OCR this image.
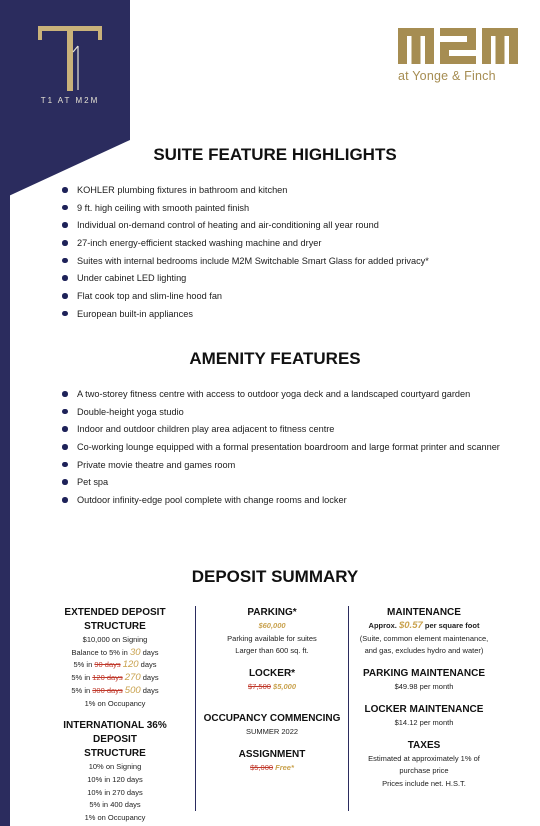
T1 AT M2M
at Yonge & Finch
SUITE FEATURE HIGHLIGHTS
KOHLER plumbing fixtures in bathroom and kitchen
9 ft. high ceiling with smooth painted finish
Individual on-demand control of heating and air-conditioning all year round
27-inch energy-efficient stacked washing machine and dryer
Suites with internal bedrooms include M2M Switchable Smart Glass for added privacy*
Under cabinet LED lighting
Flat cook top and slim-line hood fan
European built-in appliances
AMENITY FEATURES
A two-storey fitness centre with access to outdoor yoga deck and a landscaped courtyard garden
Double-height yoga studio
Indoor and outdoor children play area adjacent to fitness centre
Co-working lounge equipped with a formal presentation boardroom and large format printer and scanner
Private movie theatre and games room
Pet spa
Outdoor infinity-edge pool complete with change rooms and locker
DEPOSIT SUMMARY
EXTENDED DEPOSIT
STRUCTURE
$10,000 on Signing
Balance to 5% in 30 days
5% in 90 days 120 days
5% in 120 days 270 days
5% in 300 days 500 days
1% on Occupancy
INTERNATIONAL 36% DEPOSIT
STRUCTURE
10% on Signing
10% in 120 days
10% in 270 days
5% in 400 days
1% on Occupancy
PARKING*
$60,000
Parking available for suites
Larger than 600 sq. ft.
LOCKER*
$7,500 $5,000
OCCUPANCY COMMENCING
SUMMER 2022
ASSIGNMENT
$5,000 Free*
MAINTENANCE
Approx. $0.57 per square foot
(Suite, common element maintenance,
and gas, excludes hydro and water)
PARKING MAINTENANCE
$49.98 per month
LOCKER MAINTENANCE
$14.12 per month
TAXES
Estimated at approximately 1% of
purchase price
Prices include net. H.S.T.
